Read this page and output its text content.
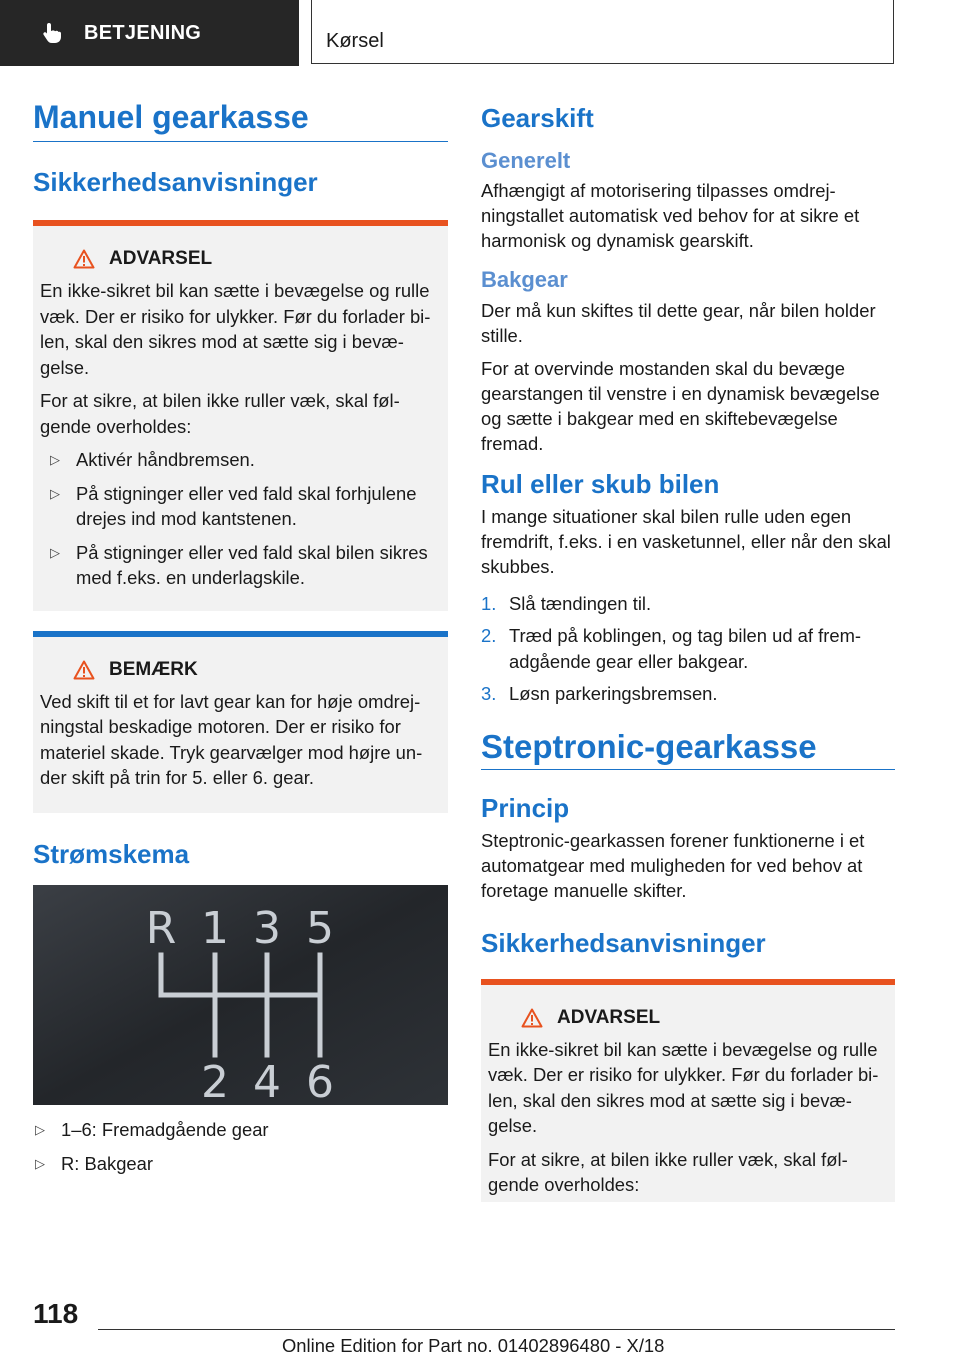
BETJENING	Kørsel
Manuel gearkasse
Sikkerhedsanvisninger
ADVARSEL

En ikke-sikret bil kan sætte i bevægelse og rulle væk. Der er risiko for ulykker. Før du forlader bi-len, skal den sikres mod at sætte sig i bevæ-gelse.

For at sikre, at bilen ikke ruller væk, skal føl-gende overholdes:

▷ Aktivér håndbremsen.
▷ På stigninger eller ved fald skal forhjulene drejes ind mod kantstenen.
▷ På stigninger eller ved fald skal bilen sikres med f.eks. en underlagskile.
BEMÆRK

Ved skift til et for lavt gear kan for høje omdrej-ningstal beskadige motoren. Der er risiko for materiel skade. Tryk gearvælger mod højre un-der skift på trin for 5. eller 6. gear.

Strømskema
R 1 3 5
2 4 6
▷ 1–6: Fremadgående gear
▷ R: Bakgear
Gearskift
Generelt

Afhængigt af motorisering tilpasses omdrej-ningstallet automatisk ved behov for at sikre et harmonisk og dynamisk gearskift.

Bakgear

Der må kun skiftes til dette gear, når bilen holder stille.

For at overvinde mostanden skal du bevæge gearstangen til venstre i en dynamisk bevægelse og sætte i bakgear med en skiftebevægelse fremad.

Rul eller skub bilen

I mange situationer skal bilen rulle uden egen fremdrift, f.eks. i en vasketunnel, eller når den skal skubbes.

1. Slå tændingen til.
2. Træd på koblingen, og tag bilen ud af frem-adgående gear eller bakgear.
3. Løsn parkeringsbremsen.
Steptronic-gearkasse
Princip

Steptronic-gearkassen forener funktionerne i et automatgear med muligheden for ved behov at foretage manuelle skifter.

Sikkerhedsanvisninger
ADVARSEL

En ikke-sikret bil kan sætte i bevægelse og rulle væk. Der er risiko for ulykker. Før du forlader bi-len, skal den sikres mod at sætte sig i bevæ-gelse.

For at sikre, at bilen ikke ruller væk, skal føl-gende overholdes:

118
Online Edition for Part no. 01402896480 - X/18
